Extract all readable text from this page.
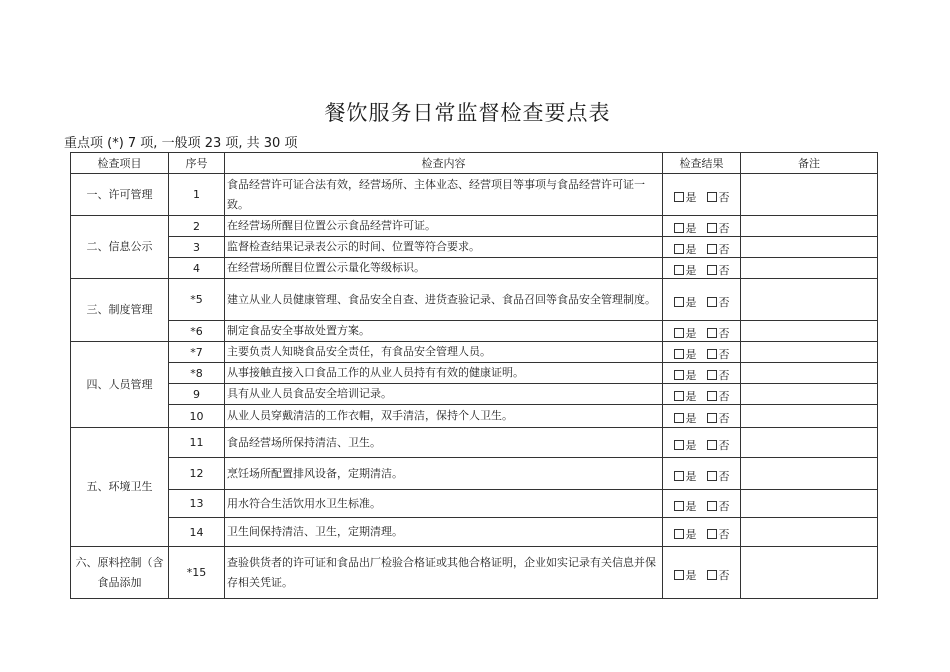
餐饮服务日常监督检查要点表
重点项 (*) 7 项, 一般项 23 项, 共 30 项
检查项目	序号	检查内容	检查结果	备注
一、许可管理	1	食品经营许可证合法有效，经营场所、主体业态、经营项目等事项与食品经营许可证一致。	是 否	
二、信息公示	2	在经营场所醒目位置公示食品经营许可证。	是 否	
	3	监督检查结果记录表公示的时间、位置等符合要求。	是 否	
	4	在经营场所醒目位置公示量化等级标识。	是 否	
三、制度管理	*5	建立从业人员健康管理、食品安全自查、进货查验记录、食品召回等食品安全管理制度。	是 否	
	*6	制定食品安全事故处置方案。	是 否	
四、人员管理	*7	主要负责人知晓食品安全责任，有食品安全管理人员。	是 否	
	*8	从事接触直接入口食品工作的从业人员持有有效的健康证明。	是 否	
	9	具有从业人员食品安全培训记录。	是 否	
	10	从业人员穿戴清洁的工作衣帽，双手清洁，保持个人卫生。	是 否	
五、环境卫生	11	食品经营场所保持清洁、卫生。	是 否	
	12	烹饪场所配置排风设备，定期清洁。	是 否	
	13	用水符合生活饮用水卫生标准。	是 否	
	14	卫生间保持清洁、卫生，定期清理。	是 否	
六、原料控制（含食品添加	*15	查验供货者的许可证和食品出厂检验合格证或其他合格证明，企业如实记录有关信息并保存相关凭证。	是 否	
